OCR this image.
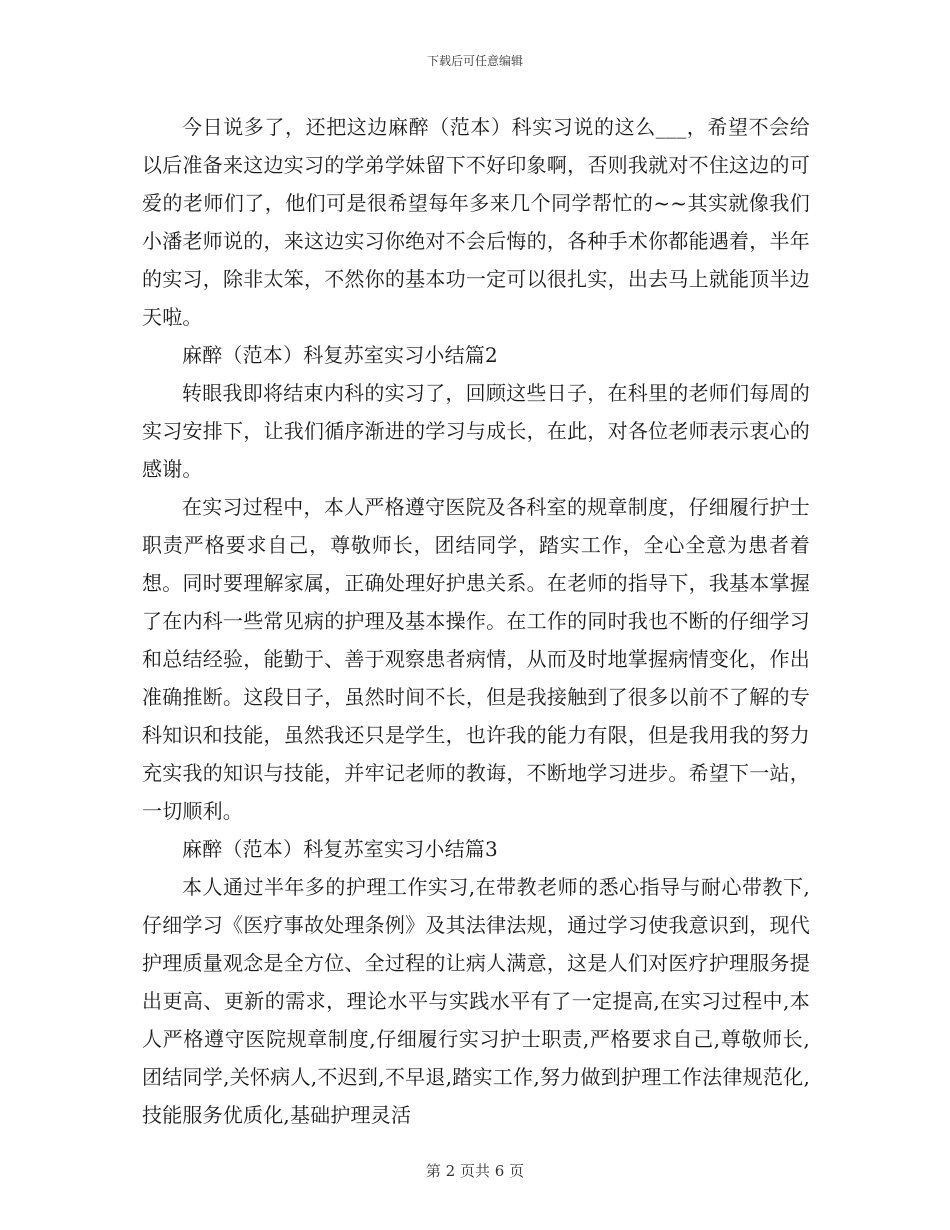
下载后可任意编辑

今日说多了，还把这边麻醉（范本）科实习说的这么___，希望不会给以后准备来这边实习的学弟学妹留下不好印象啊，否则我就对不住这边的可爱的老师们了，他们可是很希望每年多来几个同学帮忙的~~其实就像我们小潘老师说的，来这边实习你绝对不会后悔的，各种手术你都能遇着，半年的实习，除非太笨，不然你的基本功一定可以很扎实，出去马上就能顶半边天啦。

麻醉（范本）科复苏室实习小结篇2

转眼我即将结束内科的实习了，回顾这些日子，在科里的老师们每周的实习安排下，让我们循序渐进的学习与成长，在此，对各位老师表示衷心的感谢。

在实习过程中，本人严格遵守医院及各科室的规章制度，仔细履行护士职责严格要求自己，尊敬师长，团结同学，踏实工作，全心全意为患者着想。同时要理解家属，正确处理好护患关系。在老师的指导下，我基本掌握了在内科一些常见病的护理及基本操作。在工作的同时我也不断的仔细学习和总结经验，能勤于、善于观察患者病情，从而及时地掌握病情变化，作出准确推断。这段日子，虽然时间不长，但是我接触到了很多以前不了解的专科知识和技能，虽然我还只是学生，也许我的能力有限，但是我用我的努力充实我的知识与技能，并牢记老师的教诲，不断地学习进步。希望下一站，一切顺利。

麻醉（范本）科复苏室实习小结篇3

本人通过半年多的护理工作实习,在带教老师的悉心指导与耐心带教下,仔细学习《医疗事故处理条例》及其法律法规，通过学习使我意识到，现代护理质量观念是全方位、全过程的让病人满意，这是人们对医疗护理服务提出更高、更新的需求，理论水平与实践水平有了一定提高,在实习过程中,本人严格遵守医院规章制度,仔细履行实习护士职责,严格要求自己,尊敬师长,团结同学,关怀病人,不迟到,不早退,踏实工作,努力做到护理工作法律规范化,技能服务优质化,基础护理灵活

第 2 页共 6 页
